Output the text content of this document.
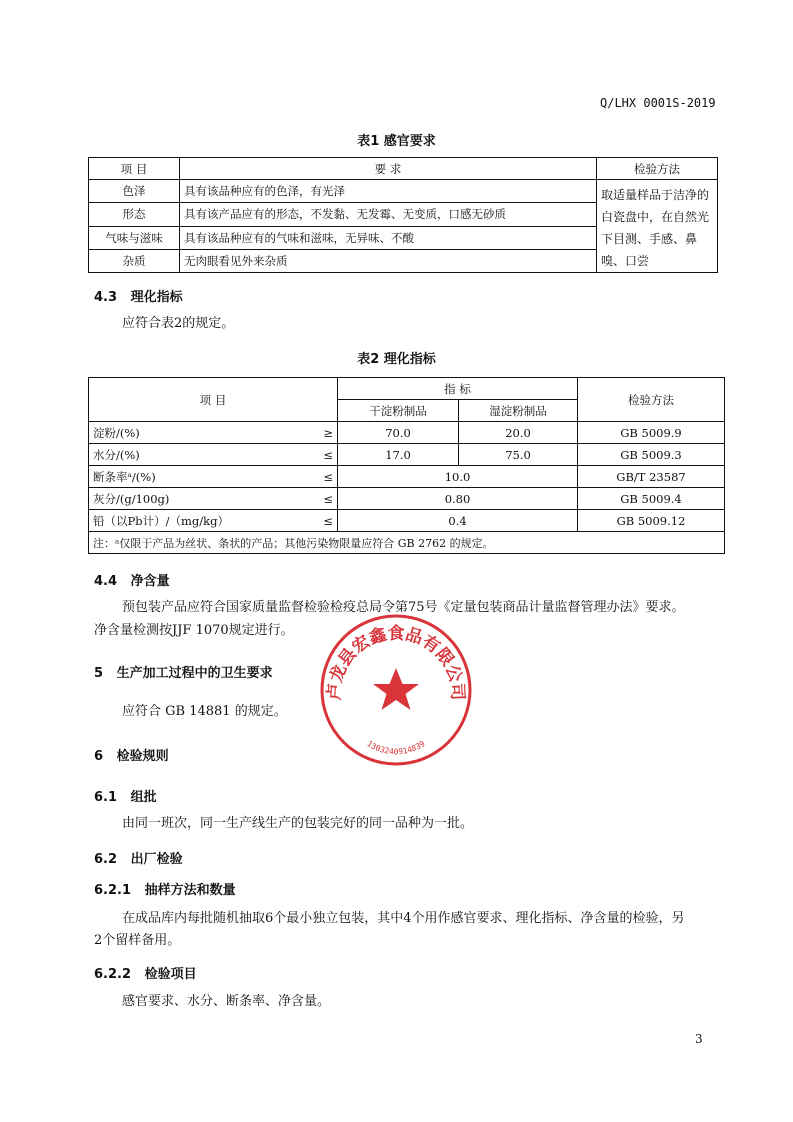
Q/LHX 0001S-2019
表1 感官要求
项 目	要 求	检验方法
色泽	具有该品种应有的色泽，有光泽	取适量样品于洁净的
白瓷盘中，在自然光
下目测、手感、鼻
嗅、口尝

形态	具有该产品应有的形态，不发黏、无发霉、无变质，口感无砂质	
气味与滋味	具有该品种应有的气味和滋味，无异味、不酸	
杂质	无肉眼看见外来杂质	
4.3 理化指标
应符合表2的规定。
表2 理化指标
项 目		指 标		检验方法
		干淀粉制品	湿淀粉制品	
淀粉/(%)	≥	70.0	20.0	GB 5009.9
水分/(%)	≤	17.0	75.0	GB 5009.3
断条率ᵃ/(%)	≤	10.0		GB/T 23587
灰分/(g/100g)	≤	0.80		GB 5009.4
铅（以Pb计）/（mg/kg）	≤	0.4		GB 5009.12
注：ᵃ仅限于产品为丝状、条状的产品；其他污染物限量应符合 GB 2762 的规定。				
4.4 净含量
预包装产品应符合国家质量监督检验检疫总局令第75号《定量包装商品计量监督管理办法》要求。
净含量检测按JJF 1070规定进行。
5 生产加工过程中的卫生要求
应符合 GB 14881 的规定。
6 检验规则
6.1 组批
由同一班次，同一生产线生产的包装完好的同一品种为一批。
6.2 出厂检验
6.2.1 抽样方法和数量
在成品库内每批随机抽取6个最小独立包装，其中4个用作感官要求、理化指标、净含量的检验，另
2个留样备用。
6.2.2 检验项目
感官要求、水分、断条率、净含量。
卢龙县宏鑫食品有限公司
1303240914839
3
